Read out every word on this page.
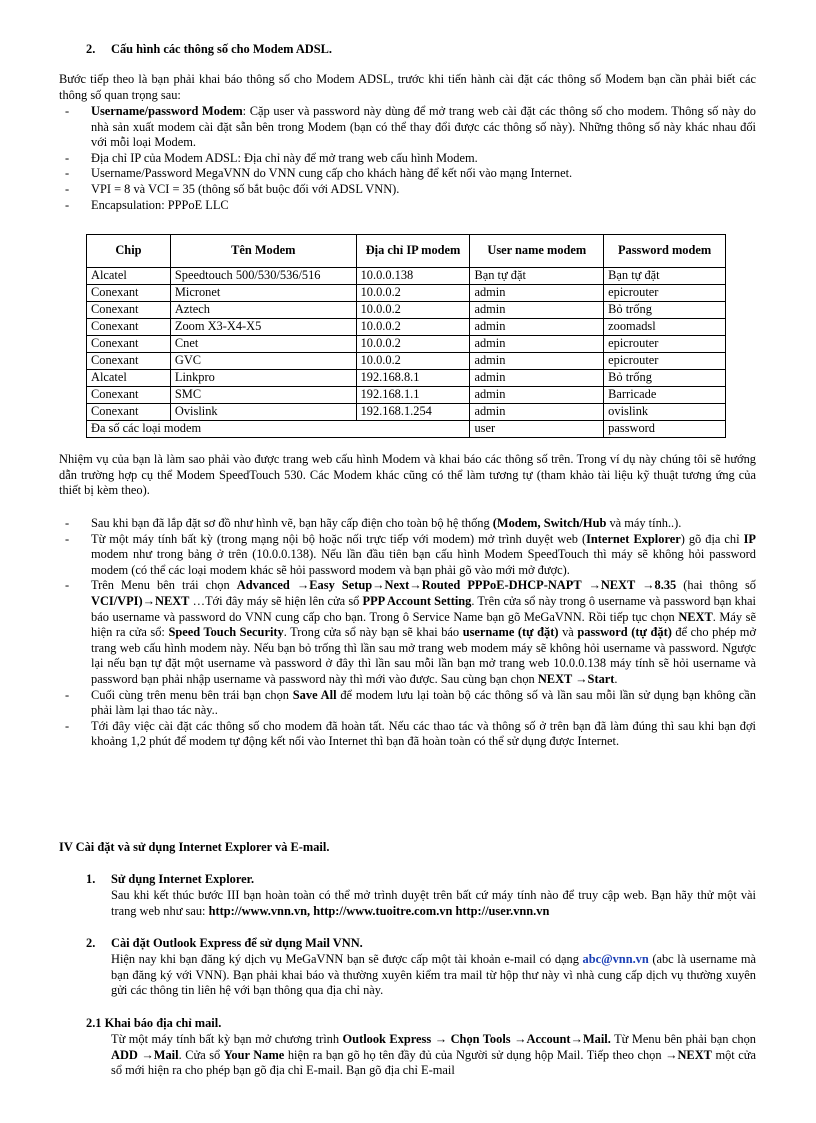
2. Cấu hình các thông số cho Modem ADSL.

Bước tiếp theo là bạn phải khai báo thông số cho Modem ADSL, trước khi tiến hành cài đặt các thông số Modem bạn cần phải biết các thông số quan trọng sau:

- Username/password Modem: Cặp user và password này dùng để mở trang web cài đặt các thông số cho modem. Thông số này do nhà sản xuất modem cài đặt sẵn bên trong Modem (bạn có thể thay đổi được các thông số này). Những thông số này khác nhau đối với mỗi loại Modem.
- Địa chỉ IP của Modem ADSL: Địa chỉ này để mở trang web cấu hình Modem.
- Username/Password MegaVNN do VNN cung cấp cho khách hàng để kết nối vào mạng Internet.
- VPI = 8 và VCI = 35 (thông số bắt buộc đối với ADSL VNN).
- Encapsulation: PPPoE LLC
Chip	Tên Modem	Địa chỉ IP modem	User name modem	Password modem
Alcatel	Speedtouch 500/530/536/516	10.0.0.138	Bạn tự đặt	Bạn tự đặt
Conexant	Micronet	10.0.0.2	admin	epicrouter
Conexant	Aztech	10.0.0.2	admin	Bỏ trống
Conexant	Zoom X3-X4-X5	10.0.0.2	admin	zoomadsl
Conexant	Cnet	10.0.0.2	admin	epicrouter
Conexant	GVC	10.0.0.2	admin	epicrouter
Alcatel	Linkpro	192.168.8.1	admin	Bỏ trống
Conexant	SMC	192.168.1.1	admin	Barricade
Conexant	Ovislink	192.168.1.254	admin	ovislink
Đa số các loại modem			user	password

Nhiệm vụ của bạn là làm sao phải vào được trang web cấu hình Modem và khai báo các thông số trên. Trong ví dụ này chúng tôi sẽ hướng dẫn trường hợp cụ thể Modem SpeedTouch 530. Các Modem khác cũng có thể làm tương tự (tham khảo tài liệu kỹ thuật tương ứng của thiết bị kèm theo).

- Sau khi bạn đã lắp đặt sơ đồ như hình vẽ, bạn hãy cấp điện cho toàn bộ hệ thống (Modem, Switch/Hub và máy tính..).
- Từ một máy tính bất kỳ (trong mạng nội bộ hoặc nối trực tiếp với modem) mở trình duyệt web (Internet Explorer) gõ địa chỉ IP modem như trong bảng ở trên (10.0.0.138). Nếu lần đầu tiên bạn cấu hình Modem SpeedTouch thì máy sẽ không hỏi password modem (có thể các loại modem khác sẽ hỏi password modem và bạn phải gõ vào mới mở được).
- Trên Menu bên trái chọn Advanced →Easy Setup→Next→Routed PPPoE-DHCP-NAPT →NEXT →8.35 (hai thông số VCI/VPI)→NEXT …Tới đây máy sẽ hiện lên cửa sổ PPP Account Setting. Trên cửa sổ này trong ô username và password bạn khai báo username và password do VNN cung cấp cho bạn. Trong ô Service Name bạn gõ MeGaVNN. Rồi tiếp tục chọn NEXT. Máy sẽ hiện ra cửa sổ: Speed Touch Security. Trong cửa sổ này bạn sẽ khai báo username (tự đặt) và password (tự đặt) để cho phép mở trang web cấu hình modem này. Nếu bạn bỏ trống thì lần sau mở trang web modem máy sẽ không hỏi username và password. Ngược lại nếu bạn tự đặt một username và password ở đây thì lần sau mỗi lần bạn mở trang web 10.0.0.138 máy tính sẽ hỏi username và password bạn phải nhập username và password này thì mới vào được. Sau cùng bạn chọn NEXT →Start.
- Cuối cùng trên menu bên trái bạn chọn Save All để modem lưu lại toàn bộ các thông số và lần sau mỗi lần sử dụng bạn không cần phải làm lại thao tác này..
- Tới đây việc cài đặt các thông số cho modem đã hoàn tất. Nếu các thao tác và thông số ở trên bạn đã làm đúng thì sau khi bạn đợi khoảng 1,2 phút để modem tự động kết nối vào Internet thì bạn đã hoàn toàn có thể sử dụng được Internet.
IV Cài đặt và sử dụng Internet Explorer và E-mail.
1. Sử dụng Internet Explorer.

Sau khi kết thúc bước III bạn hoàn toàn có thể mở trình duyệt trên bất cứ máy tính nào để truy cập web. Bạn hãy thử một vài trang web như sau: http://www.vnn.vn, http://www.tuoitre.com.vn http://user.vnn.vn

2. Cài đặt Outlook Express để sử dụng Mail VNN.

Hiện nay khi bạn đăng ký dịch vụ MeGaVNN bạn sẽ được cấp một tài khoản e-mail có dạng abc@vnn.vn (abc là username mà bạn đăng ký với VNN). Bạn phải khai báo và thường xuyên kiểm tra mail từ hộp thư này vì nhà cung cấp dịch vụ thường xuyên gửi các thông tin liên hệ với bạn thông qua địa chỉ này.

2.1 Khai báo địa chỉ mail.

Từ một máy tính bất kỳ bạn mở chương trình Outlook Express → Chọn Tools →Account→Mail. Từ Menu bên phải bạn chọn ADD →Mail. Cửa sổ Your Name hiện ra bạn gõ họ tên đầy đủ của Người sử dụng hộp Mail. Tiếp theo chọn →NEXT một cửa sổ mới hiện ra cho phép bạn gõ địa chỉ E-mail. Bạn gõ địa chỉ E-mail
